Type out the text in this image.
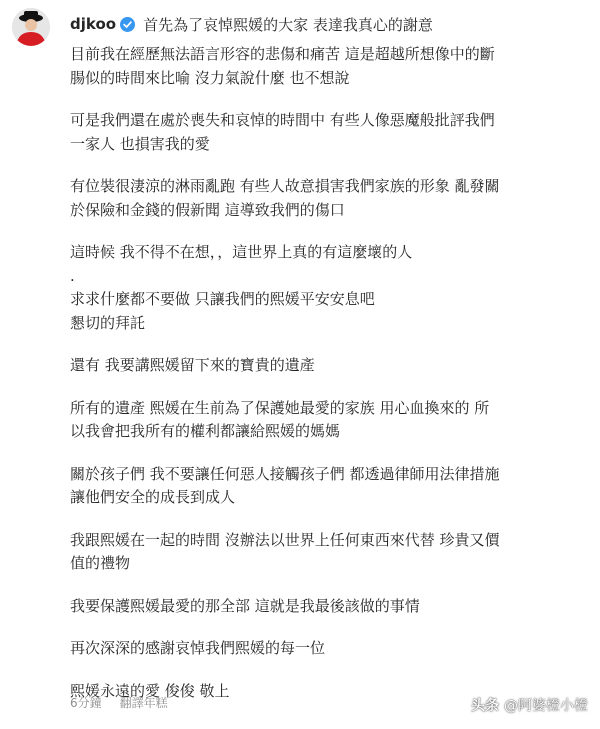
djkoo 首先為了哀悼熙媛的大家 表達我真心的謝意
目前我在經歷無法語言形容的悲傷和痛苦 這是超越所想像中的斷
腸似的時間來比喻 沒力氣說什麼 也不想說
可是我們還在處於喪失和哀悼的時間中 有些人像惡魔般批評我們
一家人 也損害我的愛
有位裝很淒涼的淋雨亂跑 有些人故意損害我們家族的形象 亂發關
於保險和金錢的假新聞 這導致我們的傷口
這時候 我不得不在想，，這世界上真的有這麼壞的人
.
求求什麼都不要做 只讓我們的熙媛平安安息吧
懇切的拜託
還有 我要講熙媛留下來的寶貴的遺產
所有的遺產 熙媛在生前為了保護她最愛的家族 用心血換來的 所
以我會把我所有的權利都讓給熙媛的媽媽
關於孩子們 我不要讓任何惡人接觸孩子們 都透過律師用法律措施
讓他們安全的成長到成人
我跟熙媛在一起的時間 沒辦法以世界上任何東西來代替 珍貴又價
值的禮物
我要保護熙媛最愛的那全部 這就是我最後該做的事情
再次深深的感謝哀悼我們熙媛的每一位
熙媛永遠的愛 俊俊 敬上
6分鐘 翻譯年糕	头条 @阿婆橙小橙
